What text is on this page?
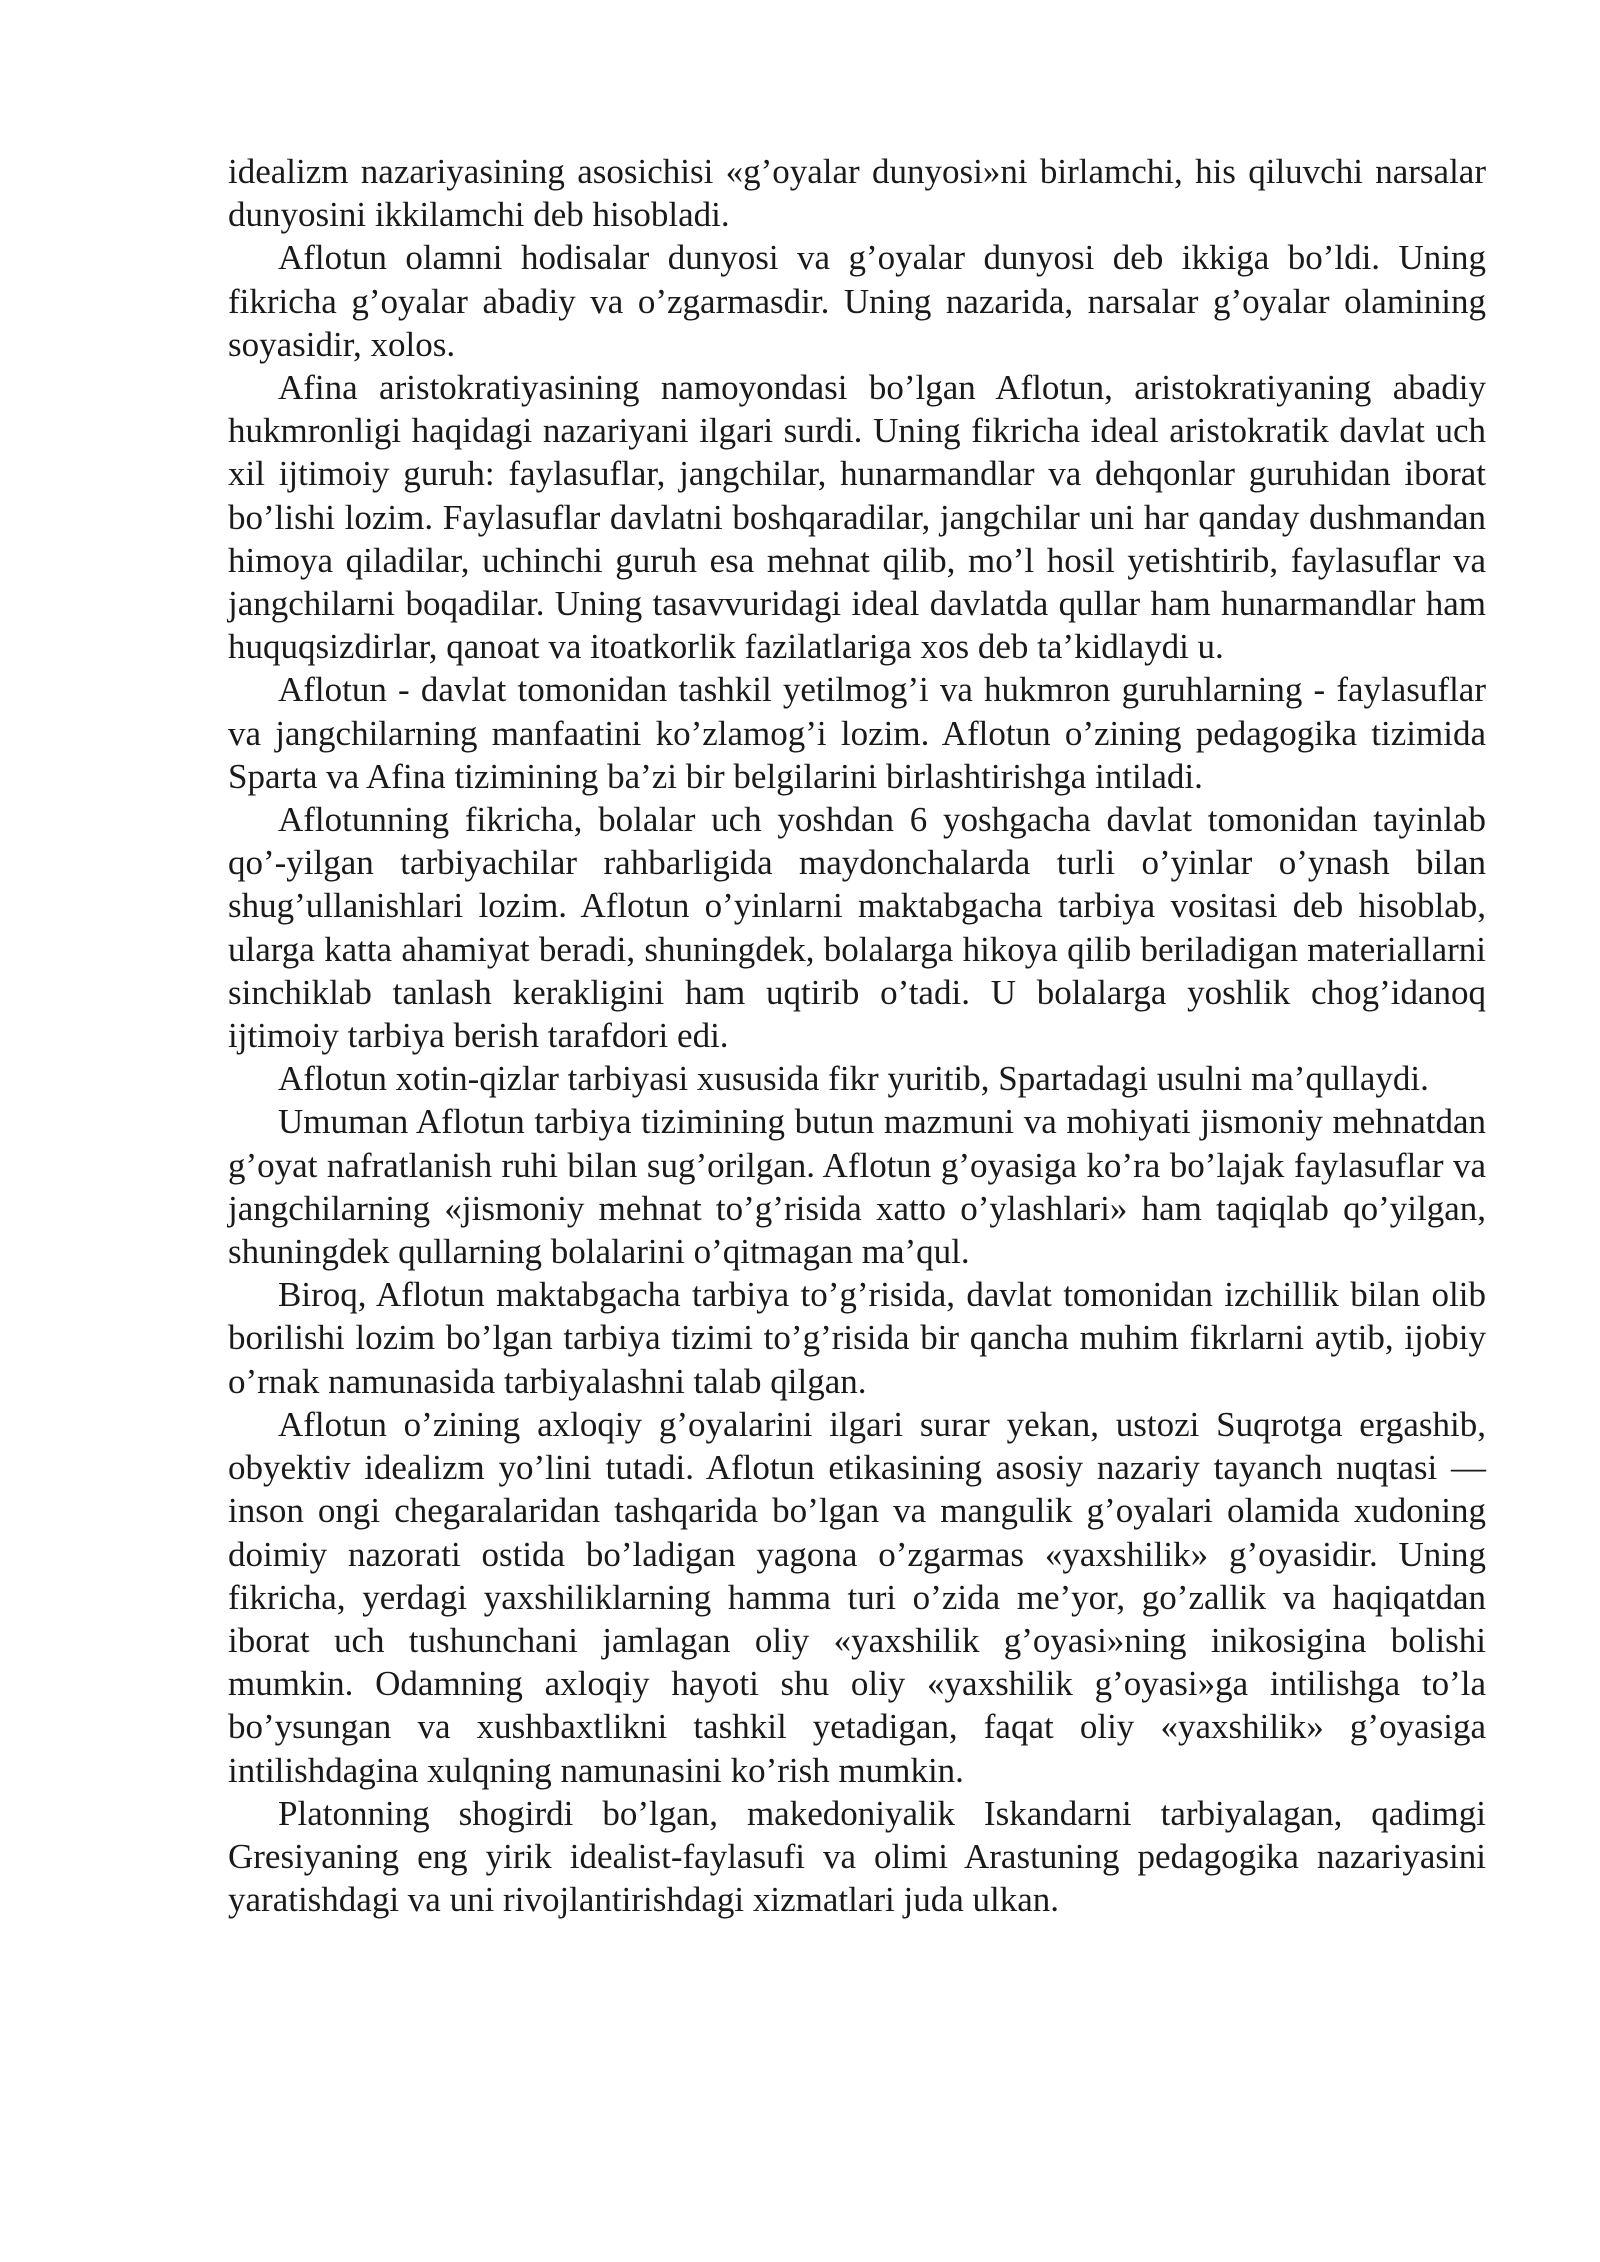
idealizm nazariyasining asosichisi «g’oyalar dunyosi»ni birlamchi, his qiluvchi narsalar dunyosini ikkilamchi deb hisobladi.

Aflotun olamni hodisalar dunyosi va g’oyalar dunyosi deb ikkiga bo’ldi. Uning fikricha g’oyalar abadiy va o’zgarmasdir. Uning nazarida, narsalar g’oyalar olamining soyasidir, xolos.

Afina aristokratiyasining namoyondasi bo’lgan Aflotun, aristokratiyaning abadiy hukmronligi haqidagi nazariyani ilgari surdi. Uning fikricha ideal aristokratik davlat uch xil ijtimoiy guruh: faylasuflar, jangchilar, hunarmandlar va dehqonlar guruhidan iborat bo’lishi lozim. Faylasuflar davlatni boshqaradilar, jangchilar uni har qanday dushmandan himoya qiladilar, uchinchi guruh esa mehnat qilib, mo’l hosil yetishtirib, faylasuflar va jangchilarni boqadilar. Uning tasavvuridagi ideal davlatda qullar ham hunarmandlar ham huquqsizdirlar, qanoat va itoatkorlik fazilatlariga xos deb ta’kidlaydi u.

Aflotun - davlat tomonidan tashkil yetilmog’i va hukmron guruhlarning - faylasuflar va jangchilarning manfaatini ko’zlamog’i lozim. Aflotun o’zining pedagogika tizimida Sparta va Afina tizimining ba’zi bir belgilarini birlashtirishga intiladi.

Aflotunning fikricha, bolalar uch yoshdan 6 yoshgacha davlat tomonidan tayinlab qo’-yilgan tarbiyachilar rahbarligida maydonchalarda turli o’yinlar o’ynash bilan shug’ullanishlari lozim. Aflotun o’yinlarni maktabgacha tarbiya vositasi deb hisoblab, ularga katta ahamiyat beradi, shuningdek, bolalarga hikoya qilib beriladigan materiallarni sinchiklab tanlash kerakligini ham uqtirib o’tadi. U bolalarga yoshlik chog’idanoq ijtimoiy tarbiya berish tarafdori edi.

Aflotun xotin-qizlar tarbiyasi xususida fikr yuritib, Spartadagi usulni ma’qullaydi.

Umuman Aflotun tarbiya tizimining butun mazmuni va mohiyati jismoniy mehnatdan g’oyat nafratlanish ruhi bilan sug’orilgan. Aflotun g’oyasiga ko’ra bo’lajak faylasuflar va jangchilarning «jismoniy mehnat to’g’risida xatto o’ylashlari» ham taqiqlab qo’yilgan, shuningdek qullarning bolalarini o’qitmagan ma’qul.

Biroq, Aflotun maktabgacha tarbiya to’g’risida, davlat tomonidan izchillik bilan olib borilishi lozim bo’lgan tarbiya tizimi to’g’risida bir qancha muhim fikrlarni aytib, ijobiy o’rnak namunasida tarbiyalashni talab qilgan.

Aflotun o’zining axloqiy g’oyalarini ilgari surar yekan, ustozi Suqrotga ergashib, obyektiv idealizm yo’lini tutadi. Aflotun etikasining asosiy nazariy tayanch nuqtasi — inson ongi chegaralaridan tashqarida bo’lgan va mangulik g’oyalari olamida xudoning doimiy nazorati ostida bo’ladigan yagona o’zgarmas «yaxshilik» g’oyasidir. Uning fikricha, yerdagi yaxshiliklarning hamma turi o’zida me’yor, go’zallik va haqiqatdan iborat uch tushunchani jamlagan oliy «yaxshilik g’oyasi»ning inikosigina bolishi mumkin. Odamning axloqiy hayoti shu oliy «yaxshilik g’oyasi»ga intilishga to’la bo’ysungan va xushbaxtlikni tashkil yetadigan, faqat oliy «yaxshilik» g’oyasiga intilishdagina xulqning namunasini ko’rish mumkin.

Platonning shogirdi bo’lgan, makedoniyalik Iskandarni tarbiyalagan, qadimgi Gresiyaning eng yirik idealist-faylasufi va olimi Arastuning pedagogika nazariyasini yaratishdagi va uni rivojlantirishdagi xizmatlari juda ulkan.
